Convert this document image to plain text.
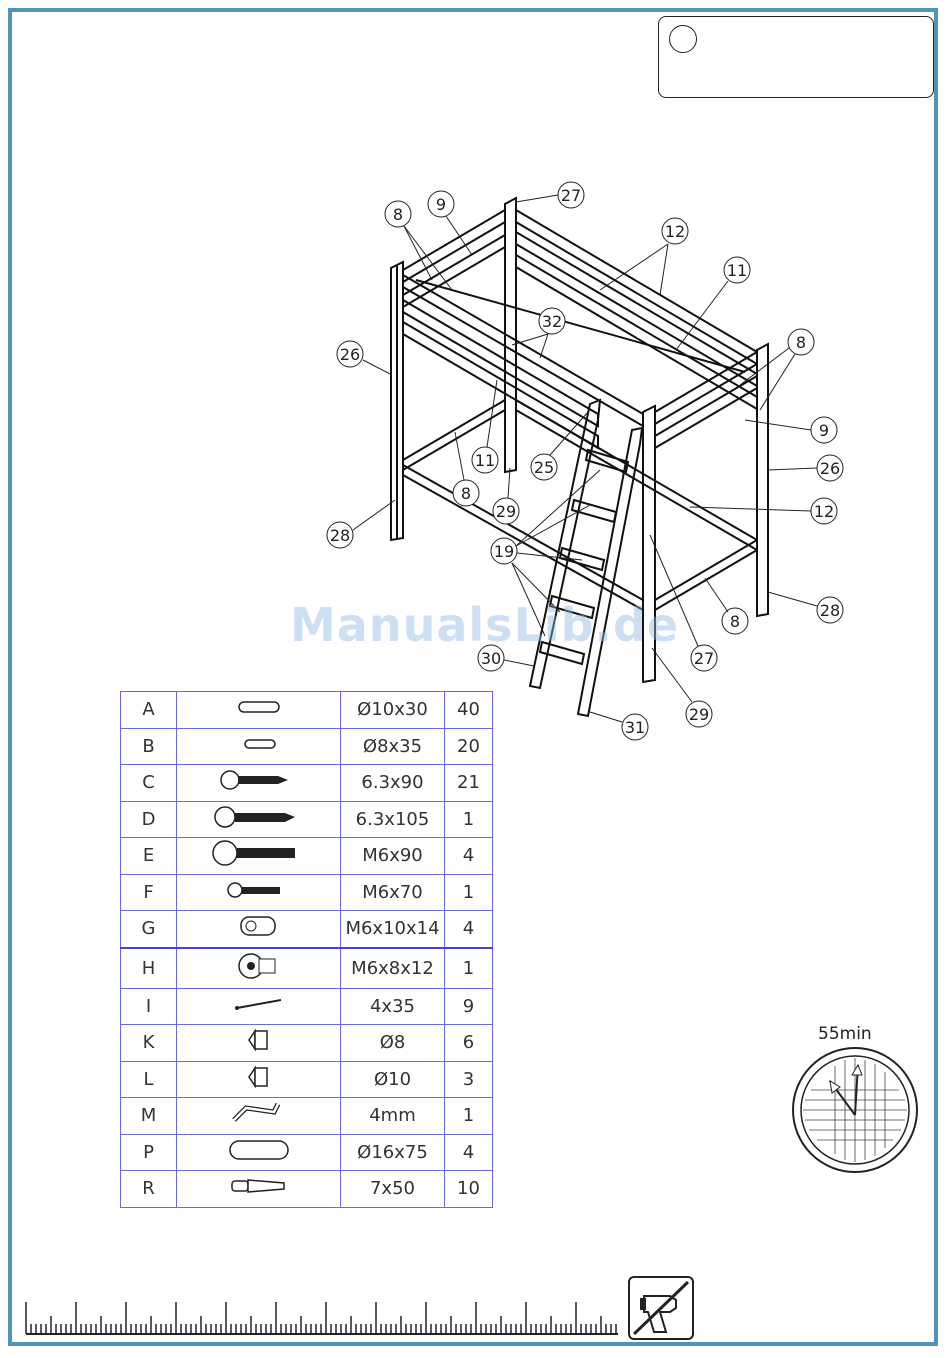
27
9
8
12
11
32
26
8
9
26
12
11 25
8
29
28
19
8
28
27
30
29
31
ManualsLib.de
A		Ø10x30	40
B		Ø8x35	20
C		6.3x90	21
D		6.3x105	1
E		M6x90	4
F		M6x70	1
G		M6x10x14	4
H		M6x8x12	1
I		4x35	9
K		Ø8	6
L		Ø10	3
M		4mm	1
P		Ø16x75	4
R		7x50	10
55min
